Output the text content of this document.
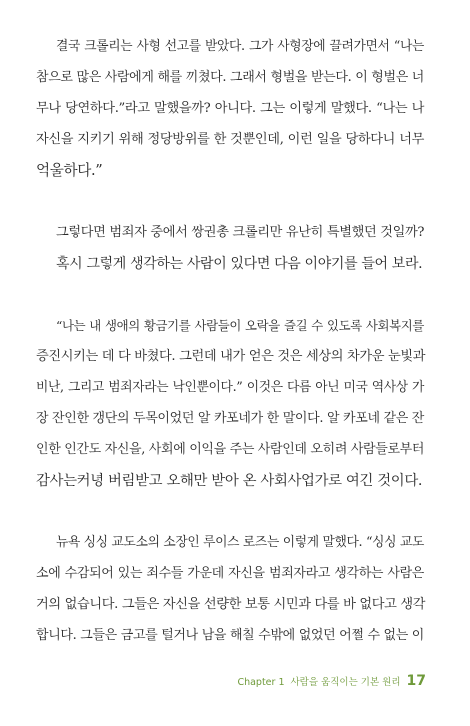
결국 크롤리는 사형 선고를 받았다. 그가 사형장에 끌려가면서 “나는
참으로 많은 사람에게 해를 끼쳤다. 그래서 형벌을 받는다. 이 형벌은 너
무나 당연하다.”라고 말했을까? 아니다. 그는 이렇게 말했다. “나는 나
자신을 지키기 위해 정당방위를 한 것뿐인데, 이런 일을 당하다니 너무
억울하다.”
그렇다면 범죄자 중에서 쌍권총 크롤리만 유난히 특별했던 것일까?
혹시 그렇게 생각하는 사람이 있다면 다음 이야기를 들어 보라.
“나는 내 생애의 황금기를 사람들이 오락을 즐길 수 있도록 사회복지를
증진시키는 데 다 바쳤다. 그런데 내가 얻은 것은 세상의 차가운 눈빛과
비난, 그리고 범죄자라는 낙인뿐이다.” 이것은 다름 아닌 미국 역사상 가
장 잔인한 갱단의 두목이었던 알 카포네가 한 말이다. 알 카포네 같은 잔
인한 인간도 자신을, 사회에 이익을 주는 사람인데 오히려 사람들로부터
감사는커녕 버림받고 오해만 받아 온 사회사업가로 여긴 것이다.
뉴욕 싱싱 교도소의 소장인 루이스 로즈는 이렇게 말했다. “싱싱 교도
소에 수감되어 있는 죄수들 가운데 자신을 범죄자라고 생각하는 사람은
거의 없습니다. 그들은 자신을 선량한 보통 시민과 다를 바 없다고 생각
합니다. 그들은 금고를 털거나 남을 해칠 수밖에 없었던 어쩔 수 없는 이
Chapter 1 사람을 움직이는 기본 원리 17
